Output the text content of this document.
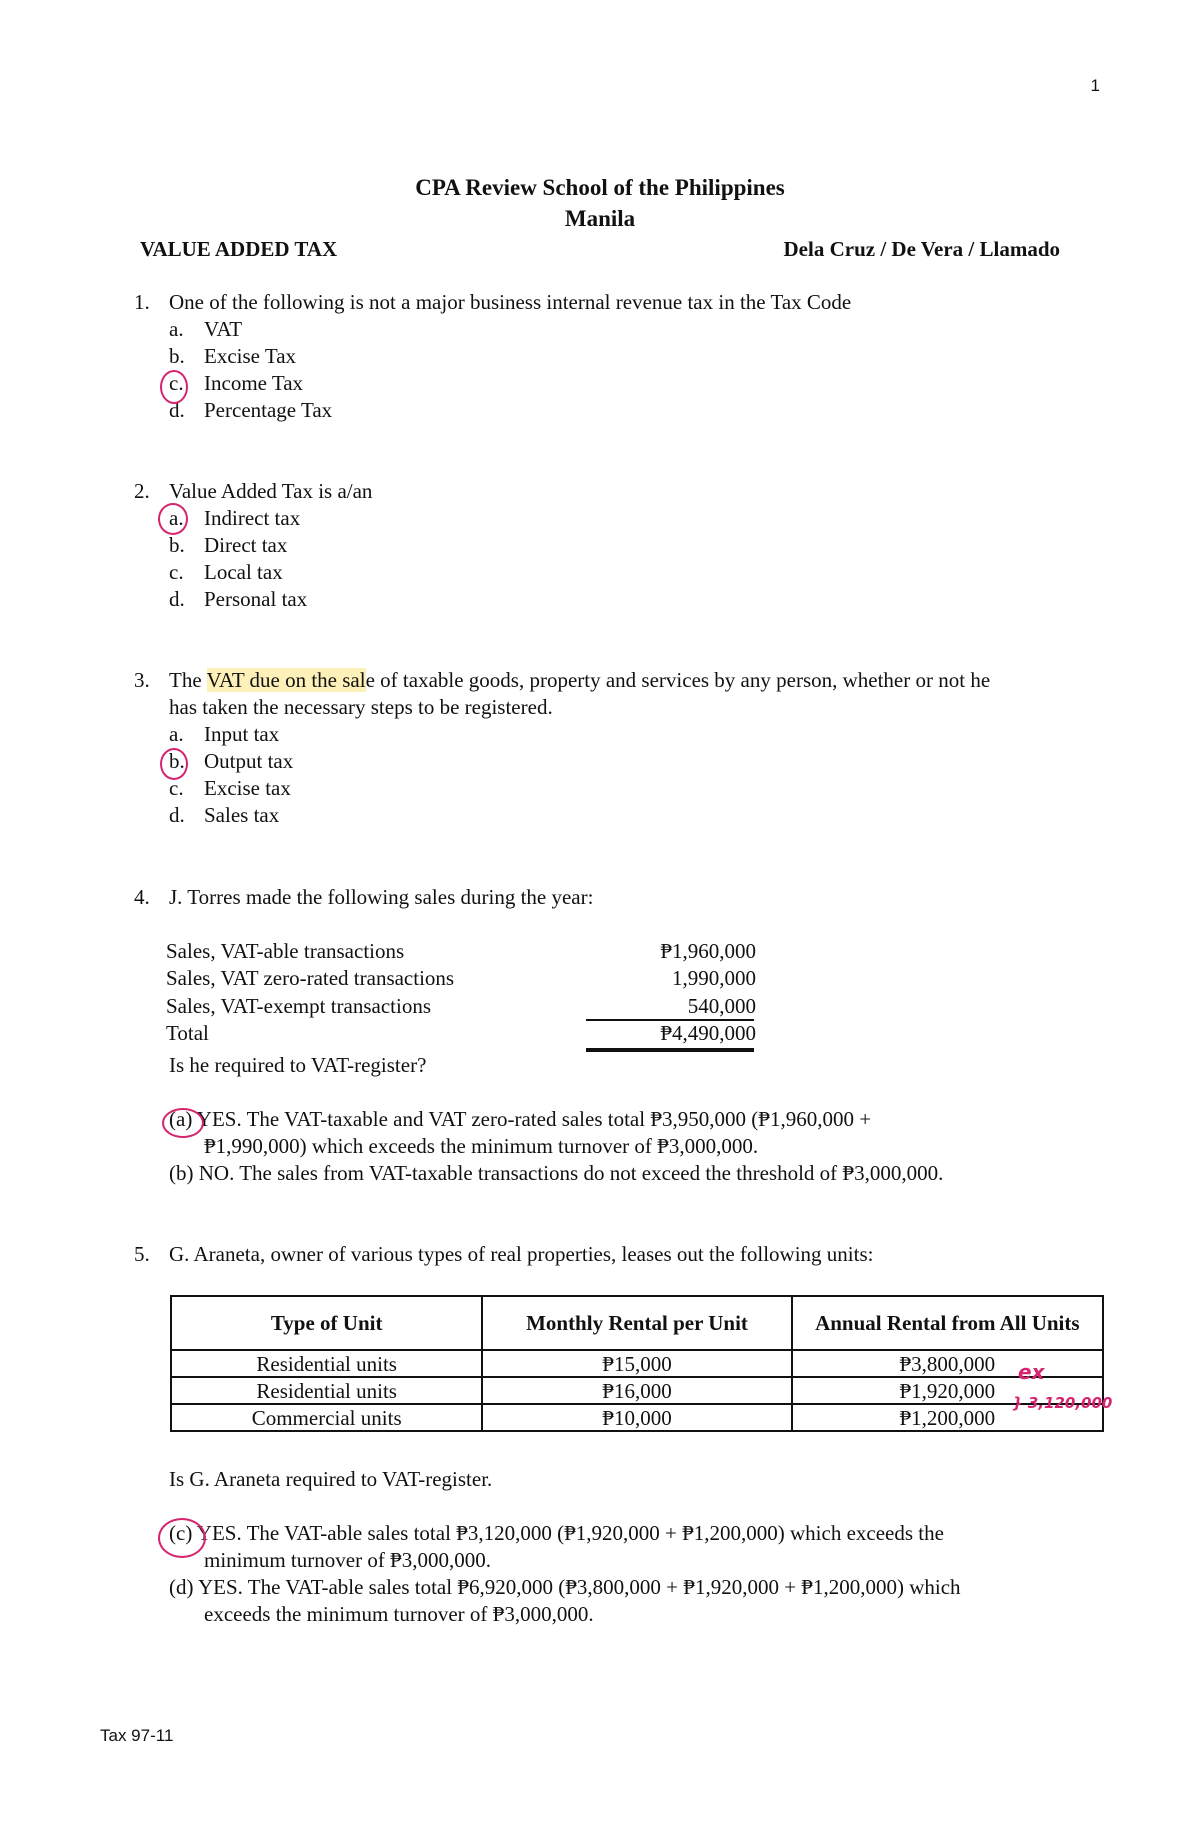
1
CPA Review School of the Philippines
Manila
VALUE ADDED TAX	Dela Cruz / De Vera / Llamado
1. One of the following is not a major business internal revenue tax in the Tax Code
a. VAT
b. Excise Tax
c. Income Tax
d. Percentage Tax
2. Value Added Tax is a/an
a. Indirect tax
b. Direct tax
c. Local tax
d. Personal tax
3. The VAT due on the sale of taxable goods, property and services by any person, whether or not he
has taken the necessary steps to be registered.
a. Input tax
b. Output tax
c. Excise tax
d. Sales tax
4. J. Torres made the following sales during the year:
Sales, VAT-able transactions	₱1,960,000
Sales, VAT zero-rated transactions	1,990,000
Sales, VAT-exempt transactions	540,000
Total	₱4,490,000
Is he required to VAT-register?
(a) YES. The VAT-taxable and VAT zero-rated sales total ₱3,950,000 (₱1,960,000 +
₱1,990,000) which exceeds the minimum turnover of ₱3,000,000.
(b) NO. The sales from VAT-taxable transactions do not exceed the threshold of ₱3,000,000.
5. G. Araneta, owner of various types of real properties, leases out the following units:
Type of Unit	Monthly Rental per Unit	Annual Rental from All Units
Residential units	₱15,000	₱3,800,000
Residential units	₱16,000	₱1,920,000
Commercial units	₱10,000	₱1,200,000
ex
} 3,120,000
Is G. Araneta required to VAT-register.
(c) YES. The VAT-able sales total ₱3,120,000 (₱1,920,000 + ₱1,200,000) which exceeds the
minimum turnover of ₱3,000,000.
(d) YES. The VAT-able sales total ₱6,920,000 (₱3,800,000 + ₱1,920,000 + ₱1,200,000) which
exceeds the minimum turnover of ₱3,000,000.
Tax 97-11
